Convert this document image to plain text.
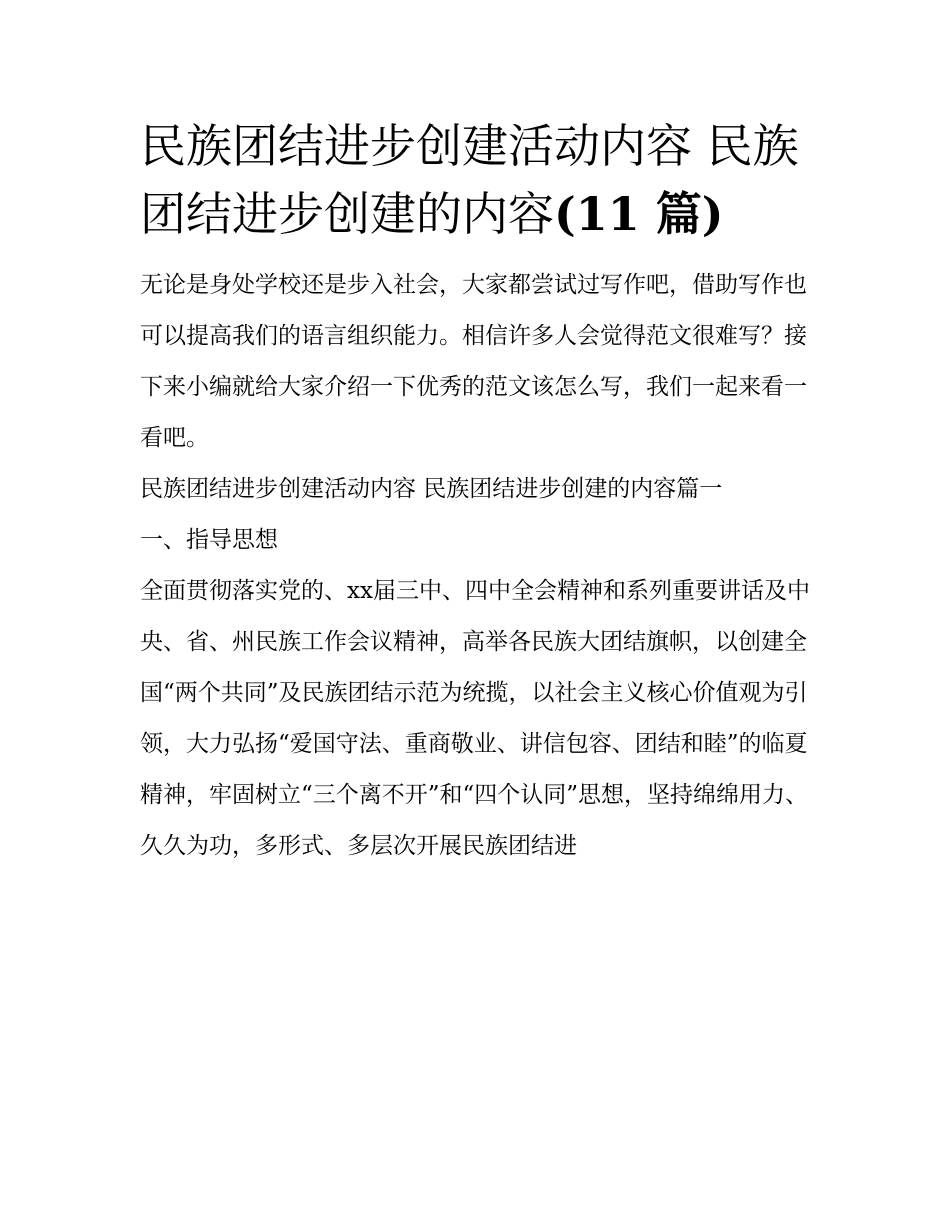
民族团结进步创建活动内容 民族团结进步创建的内容(11 篇)

无论是身处学校还是步入社会，大家都尝试过写作吧，借助写作也可以提高我们的语言组织能力。相信许多人会觉得范文很难写？接下来小编就给大家介绍一下优秀的范文该怎么写，我们一起来看一看吧。

民族团结进步创建活动内容 民族团结进步创建的内容篇一

一、指导思想

全面贯彻落实党的、xx届三中、四中全会精神和系列重要讲话及中央、省、州民族工作会议精神，高举各民族大团结旗帜，以创建全国“两个共同”及民族团结示范为统揽，以社会主义核心价值观为引领，大力弘扬“爱国守法、重商敬业、讲信包容、团结和睦”的临夏精神，牢固树立“三个离不开”和“四个认同”思想，坚持绵绵用力、久久为功，多形式、多层次开展民族团结进
